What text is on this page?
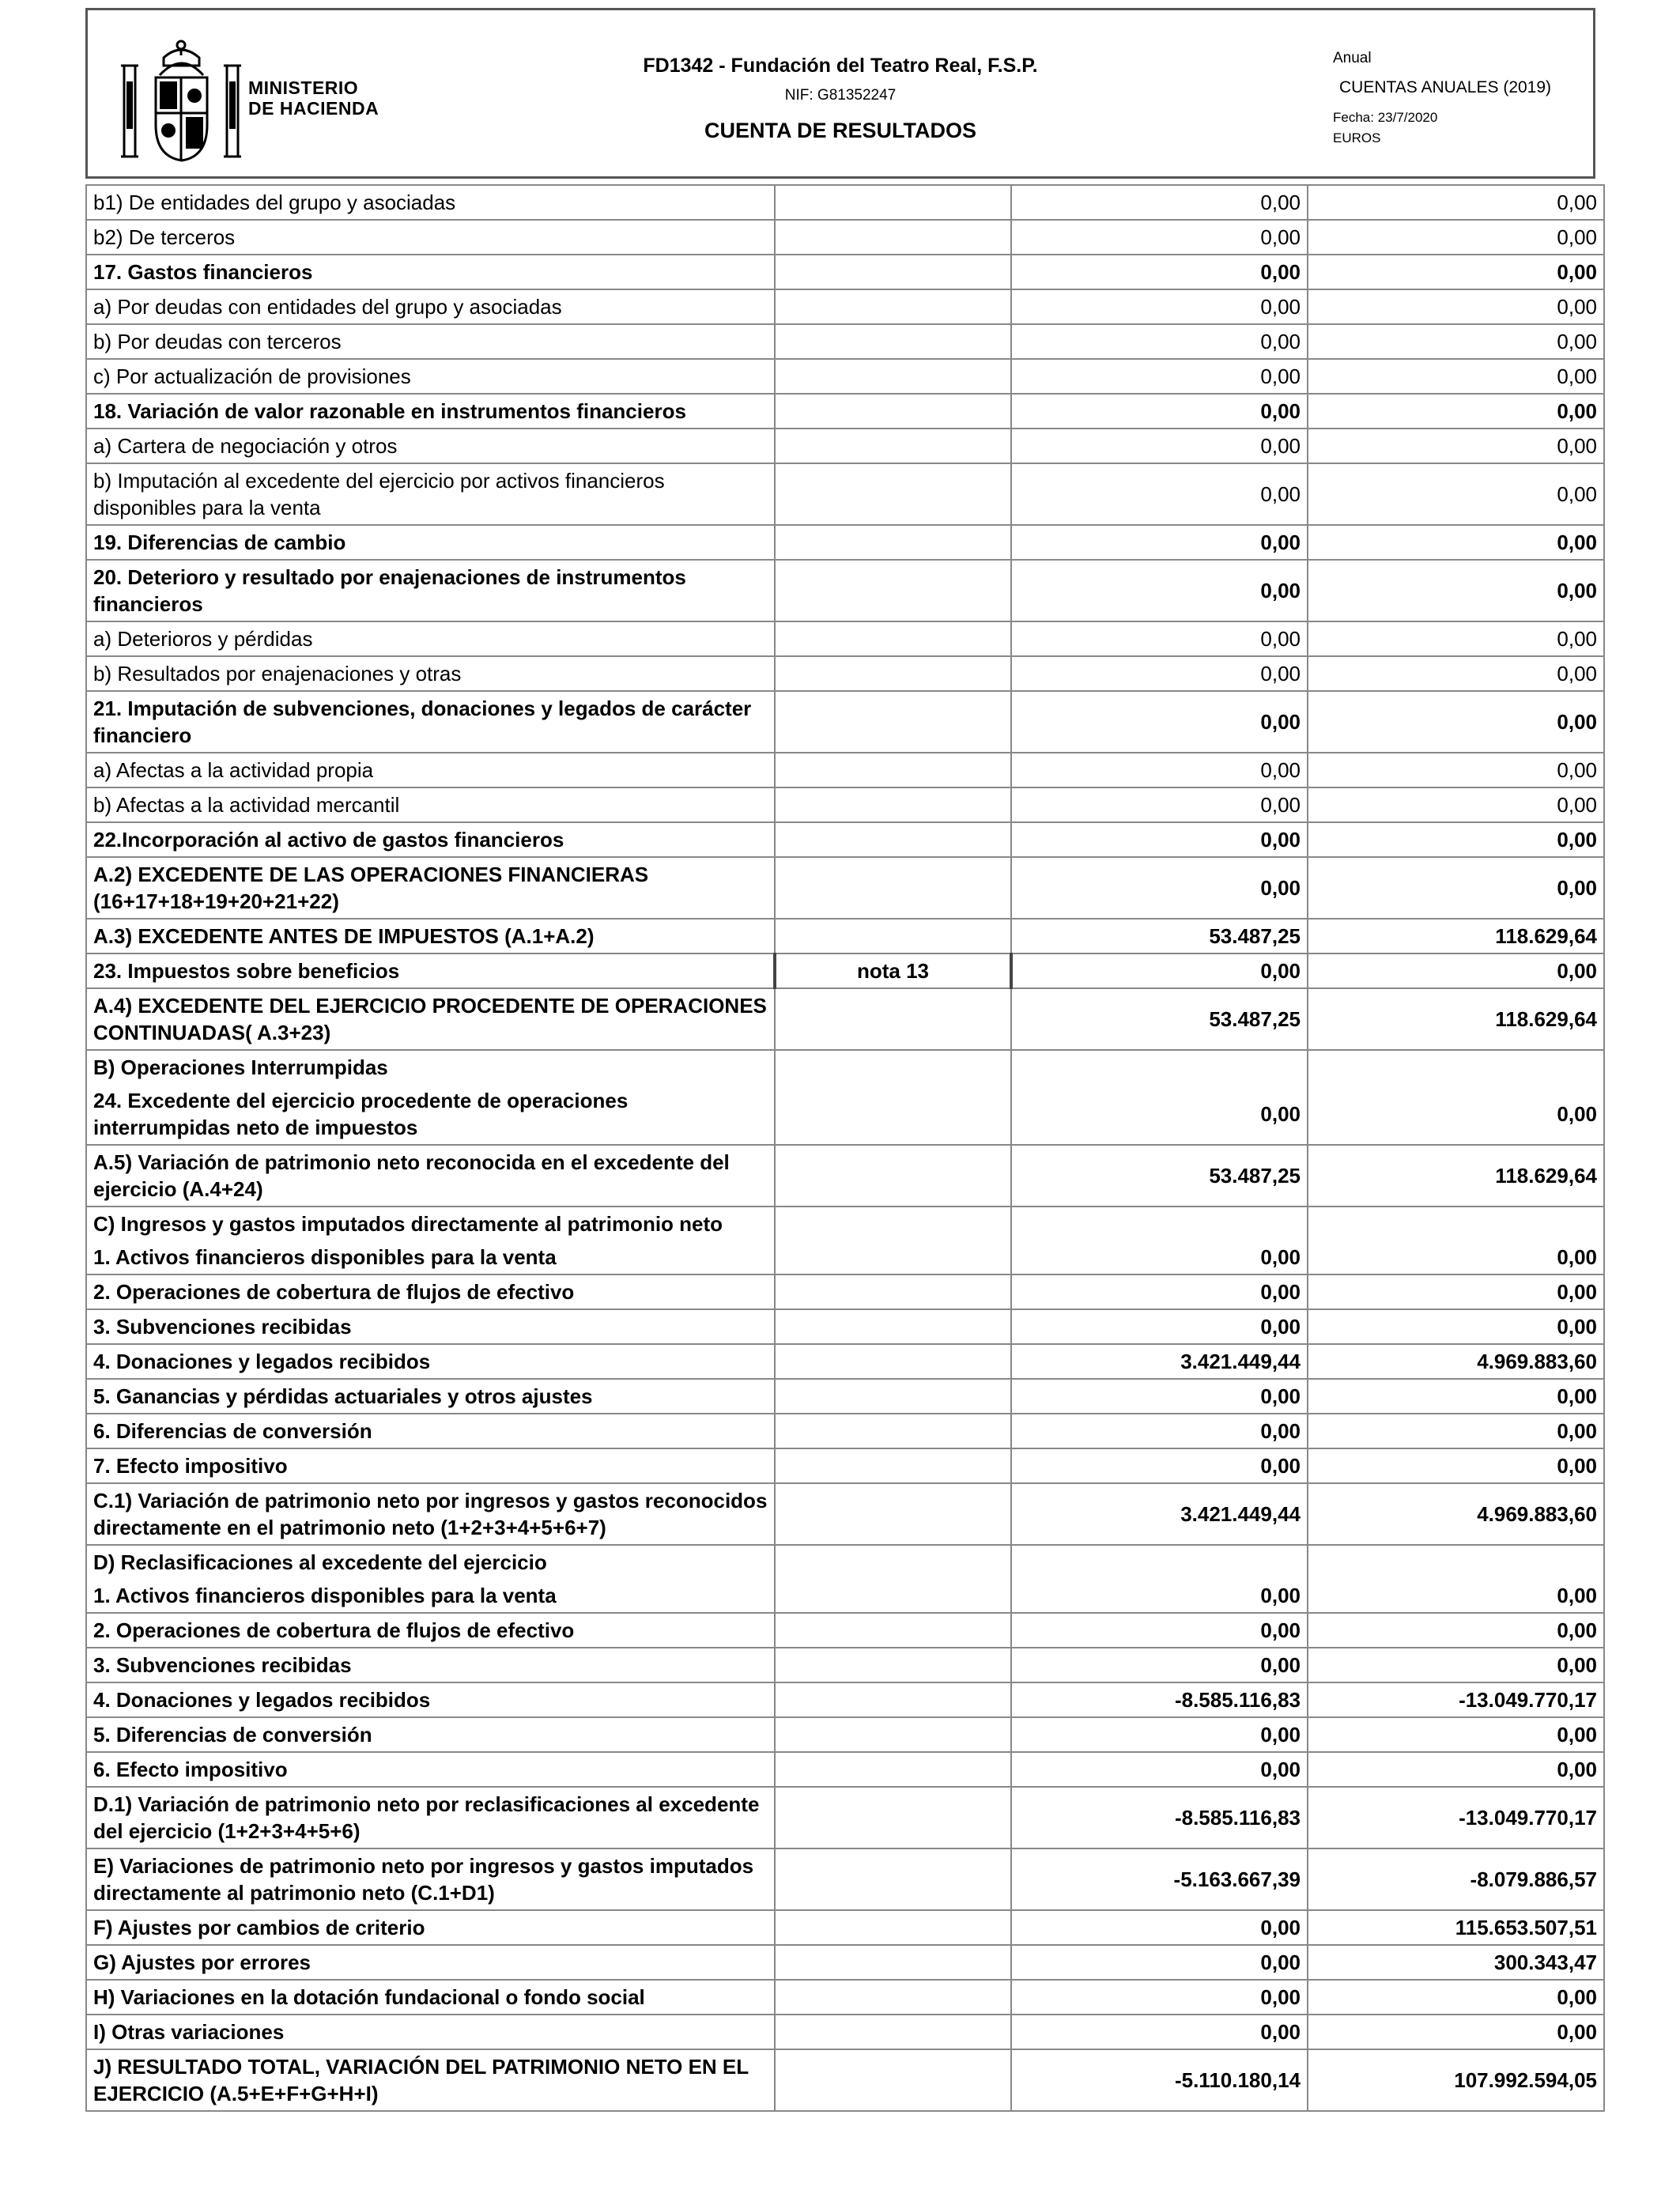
MINISTERIO
DE HACIENDA
FD1342 - Fundación del Teatro Real, F.S.P.
NIF: G81352247
CUENTA DE RESULTADOS
Anual
CUENTAS ANUALES (2019)
Fecha: 23/7/2020
EUROS
b1) De entidades del grupo y asociadas		0,00	0,00
b2) De terceros		0,00	0,00
17. Gastos financieros		0,00	0,00
a) Por deudas con entidades del grupo y asociadas		0,00	0,00
b) Por deudas con terceros		0,00	0,00
c) Por actualización de provisiones		0,00	0,00
18. Variación de valor razonable en instrumentos financieros		0,00	0,00
a) Cartera de negociación y otros		0,00	0,00
b) Imputación al excedente del ejercicio por activos financieros disponibles para la venta		0,00	0,00
19. Diferencias de cambio		0,00	0,00
20. Deterioro y resultado por enajenaciones de instrumentos financieros		0,00	0,00
a) Deterioros y pérdidas		0,00	0,00
b) Resultados por enajenaciones y otras		0,00	0,00
21. Imputación de subvenciones, donaciones y legados de carácter financiero		0,00	0,00
a) Afectas a la actividad propia		0,00	0,00
b) Afectas a la actividad mercantil		0,00	0,00
22.Incorporación al activo de gastos financieros		0,00	0,00
A.2) EXCEDENTE DE LAS OPERACIONES FINANCIERAS (16+17+18+19+20+21+22)		0,00	0,00
A.3) EXCEDENTE ANTES DE IMPUESTOS (A.1+A.2)		53.487,25	118.629,64
23. Impuestos sobre beneficios	nota 13	0,00	0,00
A.4) EXCEDENTE DEL EJERCICIO PROCEDENTE DE OPERACIONES CONTINUADAS( A.3+23)		53.487,25	118.629,64
B) Operaciones Interrumpidas			
24. Excedente del ejercicio procedente de operaciones interrumpidas neto de impuestos		0,00	0,00
A.5) Variación de patrimonio neto reconocida en el excedente del ejercicio (A.4+24)		53.487,25	118.629,64
C) Ingresos y gastos imputados directamente al patrimonio neto			
1. Activos financieros disponibles para la venta		0,00	0,00
2. Operaciones de cobertura de flujos de efectivo		0,00	0,00
3. Subvenciones recibidas		0,00	0,00
4. Donaciones y legados recibidos		3.421.449,44	4.969.883,60
5. Ganancias y pérdidas actuariales y otros ajustes		0,00	0,00
6. Diferencias de conversión		0,00	0,00
7. Efecto impositivo		0,00	0,00
C.1) Variación de patrimonio neto por ingresos y gastos reconocidos directamente en el patrimonio neto (1+2+3+4+5+6+7)		3.421.449,44	4.969.883,60
D) Reclasificaciones al excedente del ejercicio			
1. Activos financieros disponibles para la venta		0,00	0,00
2. Operaciones de cobertura de flujos de efectivo		0,00	0,00
3. Subvenciones recibidas		0,00	0,00
4. Donaciones y legados recibidos		-8.585.116,83	-13.049.770,17
5. Diferencias de conversión		0,00	0,00
6. Efecto impositivo		0,00	0,00
D.1) Variación de patrimonio neto por reclasificaciones al excedente del ejercicio (1+2+3+4+5+6)		-8.585.116,83	-13.049.770,17
E) Variaciones de patrimonio neto por ingresos y gastos imputados directamente al patrimonio neto (C.1+D1)		-5.163.667,39	-8.079.886,57
F) Ajustes por cambios de criterio		0,00	115.653.507,51
G) Ajustes por errores		0,00	300.343,47
H) Variaciones en la dotación fundacional o fondo social		0,00	0,00
I) Otras variaciones		0,00	0,00
J) RESULTADO TOTAL, VARIACIÓN DEL PATRIMONIO NETO EN EL EJERCICIO (A.5+E+F+G+H+I)		-5.110.180,14	107.992.594,05
